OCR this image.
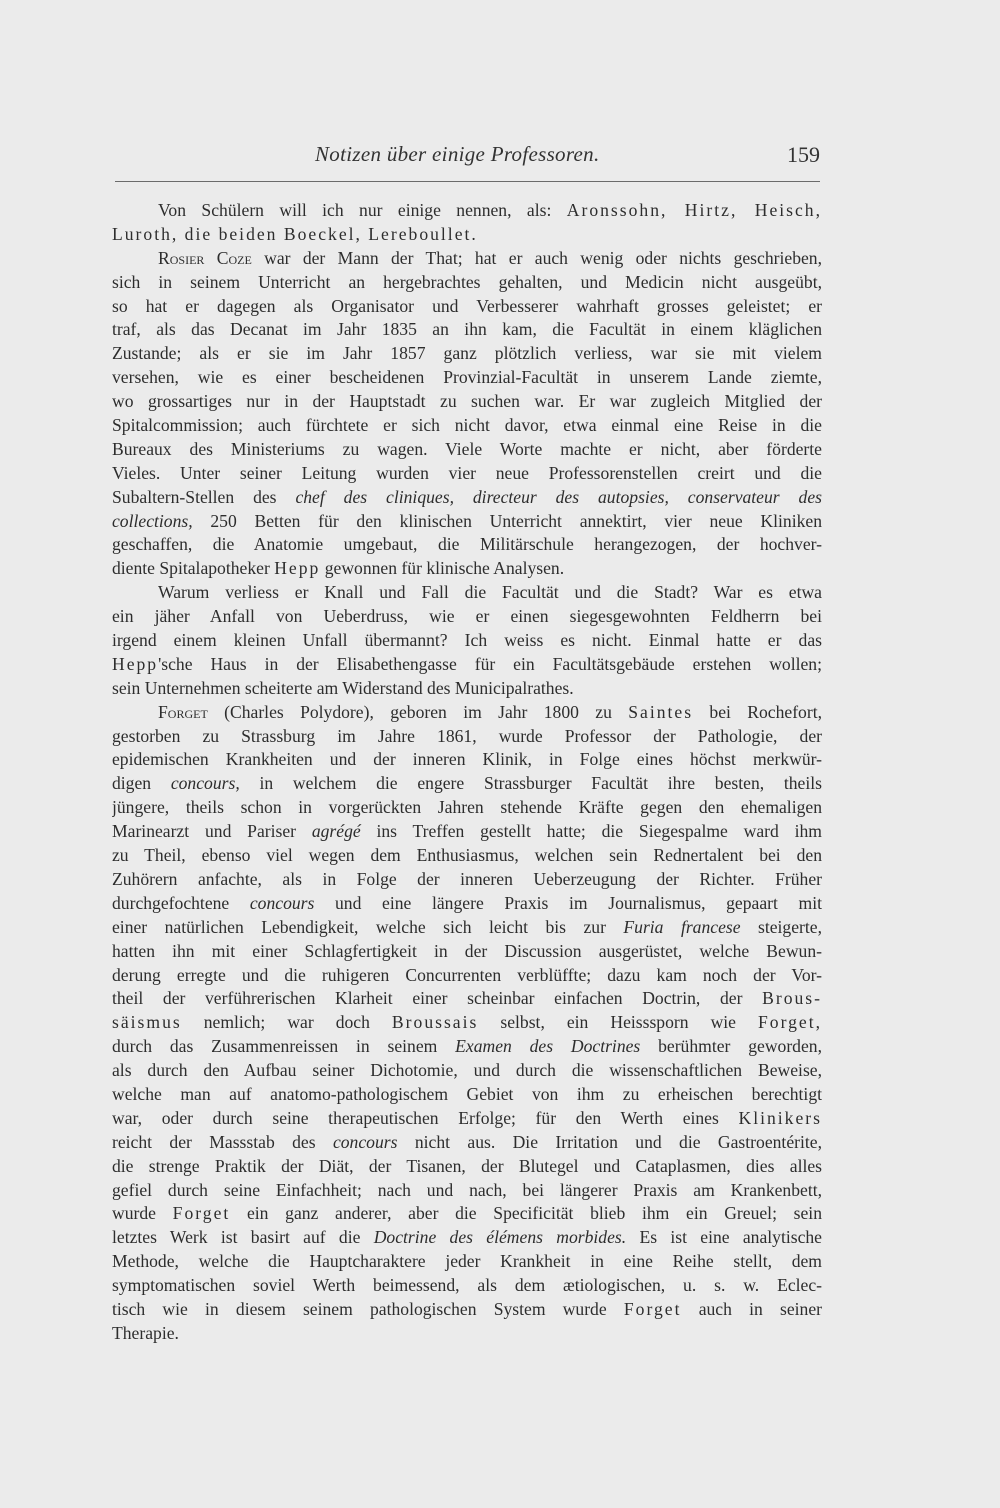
Notizen über einige Professoren.	159
Von Schülern will ich nur einige nennen, als: Aronssohn, Hirtz, Heisch,
Luroth, die beiden Boeckel, Lereboullet.
Rosier Coze war der Mann der That; hat er auch wenig oder nichts geschrieben,
sich in seinem Unterricht an hergebrachtes gehalten, und Medicin nicht ausgeübt,
so hat er dagegen als Organisator und Verbesserer wahrhaft grosses geleistet; er
traf, als das Decanat im Jahr 1835 an ihn kam, die Facultät in einem kläglichen
Zustande; als er sie im Jahr 1857 ganz plötzlich verliess, war sie mit vielem
versehen, wie es einer bescheidenen Provinzial-Facultät in unserem Lande ziemte,
wo grossartiges nur in der Hauptstadt zu suchen war. Er war zugleich Mitglied der
Spitalcommission; auch fürchtete er sich nicht davor, etwa einmal eine Reise in die
Bureaux des Ministeriums zu wagen. Viele Worte machte er nicht, aber förderte
Vieles. Unter seiner Leitung wurden vier neue Professorenstellen creirt und die
Subaltern-Stellen des chef des cliniques, directeur des autopsies, conservateur des
collections, 250 Betten für den klinischen Unterricht annektirt, vier neue Kliniken
geschaffen, die Anatomie umgebaut, die Militärschule herangezogen, der hochver-
diente Spitalapotheker Hepp gewonnen für klinische Analysen.
Warum verliess er Knall und Fall die Facultät und die Stadt? War es etwa
ein jäher Anfall von Ueberdruss, wie er einen siegesgewohnten Feldherrn bei
irgend einem kleinen Unfall übermannt? Ich weiss es nicht. Einmal hatte er das
Hepp'sche Haus in der Elisabethengasse für ein Facultätsgebäude erstehen wollen;
sein Unternehmen scheiterte am Widerstand des Municipalrathes.
Forget (Charles Polydore), geboren im Jahr 1800 zu Saintes bei Rochefort,
gestorben zu Strassburg im Jahre 1861, wurde Professor der Pathologie, der
epidemischen Krankheiten und der inneren Klinik, in Folge eines höchst merkwür-
digen concours, in welchem die engere Strassburger Facultät ihre besten, theils
jüngere, theils schon in vorgerückten Jahren stehende Kräfte gegen den ehemaligen
Marinearzt und Pariser agrégé ins Treffen gestellt hatte; die Siegespalme ward ihm
zu Theil, ebenso viel wegen dem Enthusiasmus, welchen sein Rednertalent bei den
Zuhörern anfachte, als in Folge der inneren Ueberzeugung der Richter. Früher
durchgefochtene concours und eine längere Praxis im Journalismus, gepaart mit
einer natürlichen Lebendigkeit, welche sich leicht bis zur Furia francese steigerte,
hatten ihn mit einer Schlagfertigkeit in der Discussion ausgerüstet, welche Bewun-
derung erregte und die ruhigeren Concurrenten verblüffte; dazu kam noch der Vor-
theil der verführerischen Klarheit einer scheinbar einfachen Doctrin, der Brous-
säismus nemlich; war doch Broussais selbst, ein Heisssporn wie Forget,
durch das Zusammenreissen in seinem Examen des Doctrines berühmter geworden,
als durch den Aufbau seiner Dichotomie, und durch die wissenschaftlichen Beweise,
welche man auf anatomo-pathologischem Gebiet von ihm zu erheischen berechtigt
war, oder durch seine therapeutischen Erfolge; für den Werth eines Klinikers
reicht der Massstab des concours nicht aus. Die Irritation und die Gastroentérite,
die strenge Praktik der Diät, der Tisanen, der Blutegel und Cataplasmen, dies alles
gefiel durch seine Einfachheit; nach und nach, bei längerer Praxis am Krankenbett,
wurde Forget ein ganz anderer, aber die Specificität blieb ihm ein Greuel; sein
letztes Werk ist basirt auf die Doctrine des élémens morbides. Es ist eine analytische
Methode, welche die Hauptcharaktere jeder Krankheit in eine Reihe stellt, dem
symptomatischen soviel Werth beimessend, als dem ætiologischen, u. s. w. Eclec-
tisch wie in diesem seinem pathologischen System wurde Forget auch in seiner
Therapie.
